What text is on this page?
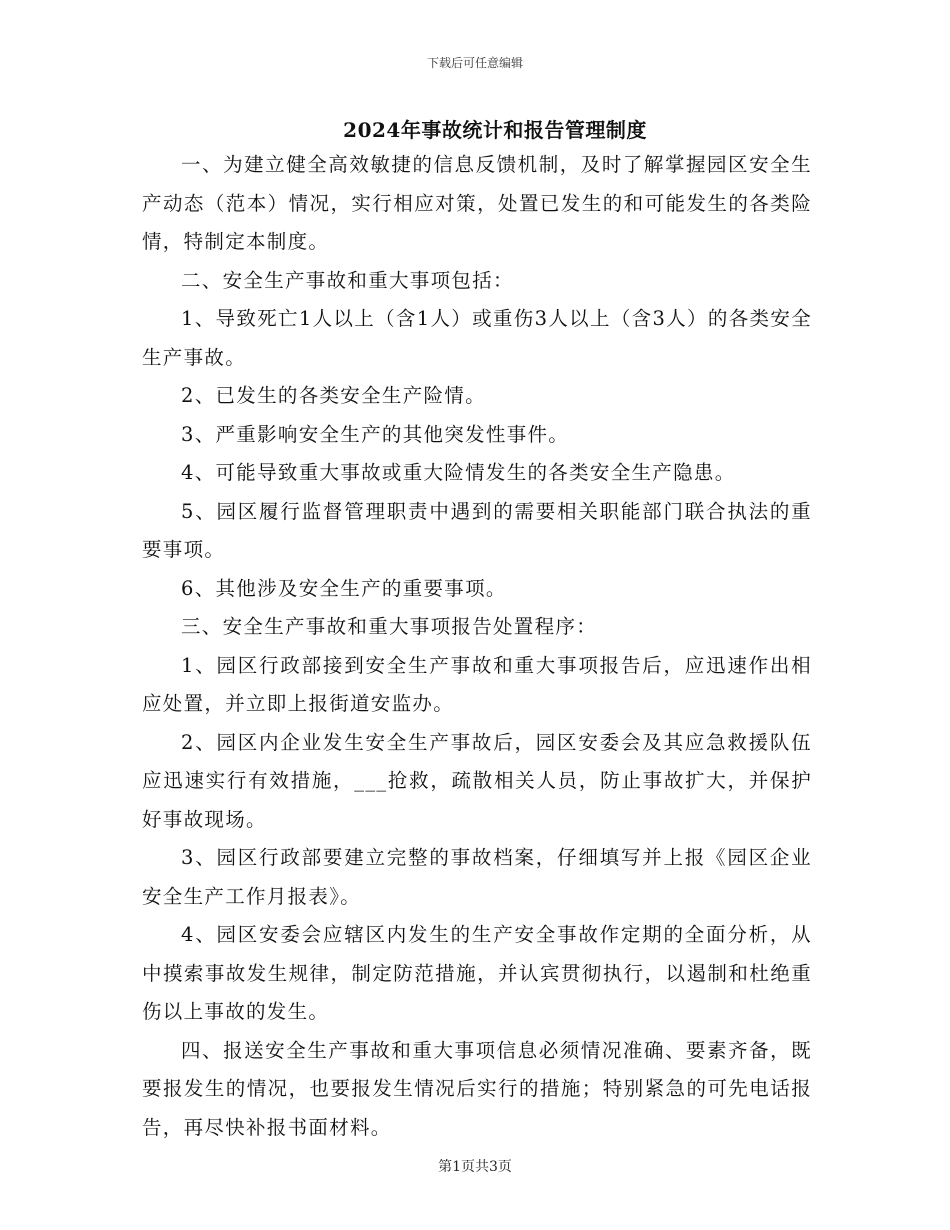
下载后可任意编辑
2024年事故统计和报告管理制度

一、为建立健全高效敏捷的信息反馈机制，及时了解掌握园区安全生产动态（范本）情况，实行相应对策，处置已发生的和可能发生的各类险情，特制定本制度。

二、安全生产事故和重大事项包括：

1、导致死亡1人以上（含1人）或重伤3人以上（含3人）的各类安全生产事故。

2、已发生的各类安全生产险情。

3、严重影响安全生产的其他突发性事件。

4、可能导致重大事故或重大险情发生的各类安全生产隐患。

5、园区履行监督管理职责中遇到的需要相关职能部门联合执法的重要事项。

6、其他涉及安全生产的重要事项。

三、安全生产事故和重大事项报告处置程序：

1、园区行政部接到安全生产事故和重大事项报告后，应迅速作出相应处置，并立即上报街道安监办。

2、园区内企业发生安全生产事故后，园区安委会及其应急救援队伍应迅速实行有效措施，___抢救，疏散相关人员，防止事故扩大，并保护好事故现场。

3、园区行政部要建立完整的事故档案，仔细填写并上报《园区企业安全生产工作月报表》。

4、园区安委会应辖区内发生的生产安全事故作定期的全面分析，从中摸索事故发生规律，制定防范措施，并认宾贯彻执行，以遏制和杜绝重伤以上事故的发生。

四、报送安全生产事故和重大事项信息必须情况准确、要素齐备，既要报发生的情况，也要报发生情况后实行的措施；特别紧急的可先电话报告，再尽快补报书面材料。

第1页共3页
